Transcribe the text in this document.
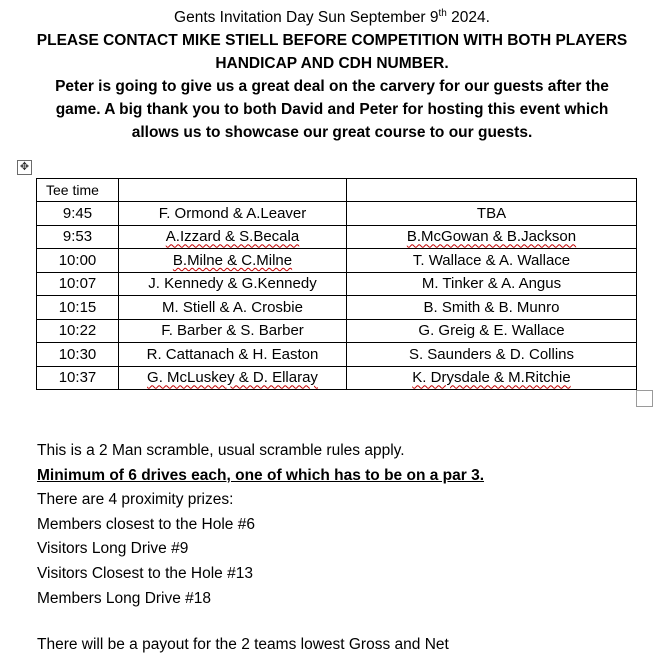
Gents Invitation Day Sun September 9th 2024.
PLEASE CONTACT MIKE STIELL BEFORE COMPETITION WITH BOTH PLAYERS
HANDICAP AND CDH NUMBER.
Peter is going to give us a great deal on the carvery for our guests after the
game. A big thank you to both David and Peter for hosting this event which
allows us to showcase our great course to our guests.
✥
Tee time		
9:45	F. Ormond & A.Leaver	TBA
9:53	A.Izzard & S.Becala	B.McGowan & B.Jackson
10:00	B.Milne & C.Milne	T. Wallace & A. Wallace
10:07	J. Kennedy & G.Kennedy	M. Tinker & A. Angus
10:15	M. Stiell & A. Crosbie	B. Smith & B. Munro
10:22	F. Barber & S. Barber	G. Greig & E. Wallace
10:30	R. Cattanach & H. Easton	S. Saunders & D. Collins
10:37	G. McLuskey & D. Ellaray	K. Drysdale & M.Ritchie
This is a 2 Man scramble, usual scramble rules apply.
Minimum of 6 drives each, one of which has to be on a par 3.
There are 4 proximity prizes:
Members closest to the Hole #6
Visitors Long Drive #9
Visitors Closest to the Hole #13
Members Long Drive #18
There will be a payout for the 2 teams lowest Gross and Net
